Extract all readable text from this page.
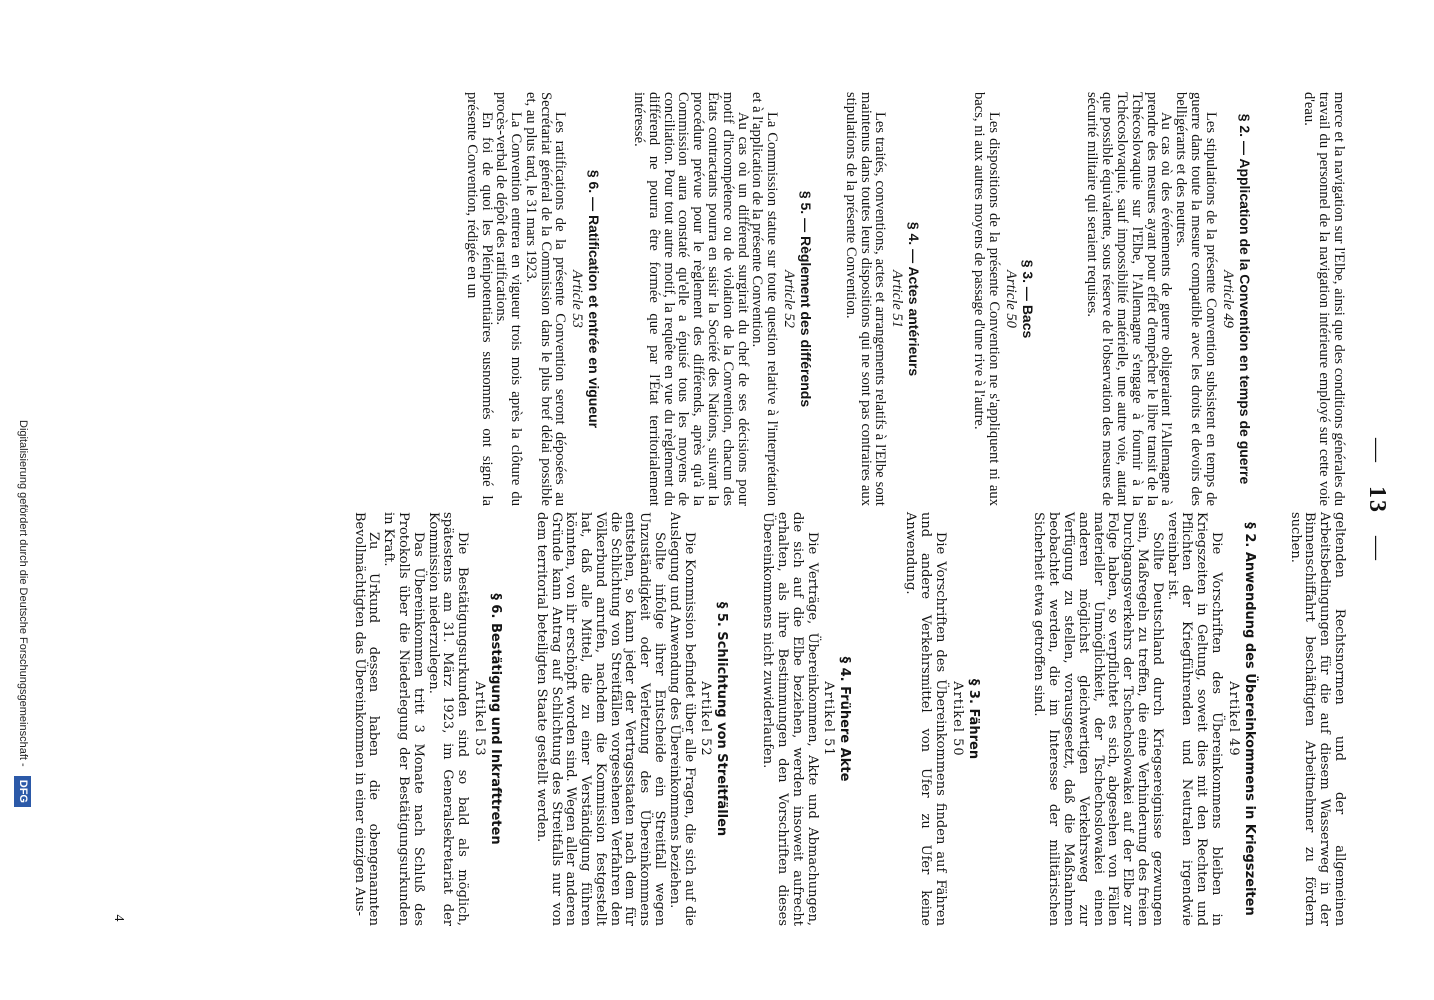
— 13 —

merce et la navigation sur l'Elbe, ainsi que des conditions générales du travail du personnel de la navigation intérieure employé sur cette voie d'eau.

§ 2. — Application de la Convention en temps de guerre
Article 49

Les stipulations de la présente Convention subsistent en temps de guerre dans toute la mesure compatible avec les droits et devoirs des belligérants et des neutres.

Au cas où des événements de guerre obligeraient l'Allemagne à prendre des mesures ayant pour effet d'empêcher le libre transit de la Tchécoslovaquie sur l'Elbe, l'Allemagne s'engage à fournir à la Tchécoslovaquie, sauf impossibilité matérielle, une autre voie, autant que possible équivalente, sous réserve de l'observation des mesures de sécurité militaire qui seraient requises.

§ 3. — Bacs
Article 50

Les dispositions de la présente Convention ne s'appliquent ni aux bacs, ni aux autres moyens de passage d'une rive à l'autre.

§ 4. — Actes antérieurs
Article 51

Les traités, conventions, actes et arrangements relatifs à l'Elbe sont maintenus dans toutes leurs dispositions qui ne sont pas contraires aux stipulations de la présente Convention.

§ 5. — Règlement des différends
Article 52

La Commission statue sur toute question relative à l'interprétation et à l'application de la présente Convention.

Au cas où un différend surgirait du chef de ses décisions pour motif d'incompétence ou de violation de la Convention, chacun des États contractants pourra en saisir la Société des Nations, suivant la procédure prévue pour le règlement des différends, après qu'à la Commission aura constaté qu'elle a épuisé tous les moyens de conciliation. Pour tout autre motif, la requête en vue du règlement du différend ne pourra être formée que par l'État territorialement intéressé.

§ 6. — Ratification et entrée en vigueur
Article 53

Les ratifications de la présente Convention seront déposées au Secrétariat général de la Commission dans le plus bref délai possible et, au plus tard, le 31 mars 1923.

La Convention entrera en vigueur trois mois après la clôture du procès-verbal de dépôt des ratifications.

En foi de quoi les Plénipotentiaires susnommés ont signé la présente Convention, rédigée en un

geltenden Rechtsnormen und der allgemeinen Arbeitsbedingungen für die auf diesem Wasserweg in der Binnenschiffahrt beschäftigten Arbeitnehmer zu fördern suchen.

§ 2. Anwendung des Übereinkommens in Kriegszeiten
Artikel 49

Die Vorschriften des Übereinkommens bleiben in Kriegszeiten in Geltung, soweit dies mit den Rechten und Pflichten der Kriegführenden und Neutralen irgendwie vereinbar ist.

Sollte Deutschland durch Kriegsereignisse gezwungen sein, Maßregeln zu treffen, die eine Verhinderung des freien Durchgangsverkehrs der Tschechoslowakei auf der Elbe zur Folge haben, so verpflichtet es sich, abgesehen von Fällen materieller Unmöglichkeit, der Tschechoslowakei einen anderen möglichst gleichwertigen Verkehrsweg zur Verfügung zu stellen, vorausgesetzt, daß die Maßnahmen beobachtet werden, die im Interesse der militärischen Sicherheit etwa getroffen sind.

§ 3. Fähren
Artikel 50

Die Vorschriften des Übereinkommens finden auf Fähren und andere Verkehrsmittel von Ufer zu Ufer keine Anwendung.

§ 4. Frühere Akte
Artikel 51

Die Verträge, Übereinkommen, Akte und Abmachungen, die sich auf die Elbe beziehen, werden insoweit aufrecht erhalten, als ihre Bestimmungen den Vorschriften dieses Übereinkommens nicht zuwiderlaufen.

§ 5. Schlichtung von Streitfällen
Artikel 52

Die Kommission befindet über alle Fragen, die sich auf die Auslegung und Anwendung des Übereinkommens beziehen.

Sollte infolge ihrer Entscheide ein Streitfall wegen Unzuständigkeit oder Verletzung des Übereinkommens entstehen, so kann jeder der Vertragsstaaten nach dem für die Schlichtung von Streitfällen vorgesehenen Verfahren den Völkerbund anrufen, nachdem die Kommission festgestellt hat, daß alle Mittel, die zu einer Verständigung führen könnten, von ihr erschöpft worden sind. Wegen aller anderen Gründe kann Antrag auf Schlichtung des Streitfalls nur von dem territorial beteiligten Staate gestellt werden.

§ 6. Bestätigung und Inkrafttreten
Artikel 53

Die Bestätigungsurkunden sind so bald als möglich, spätestens am 31. März 1923, im Generalsekretariat der Kommission niederzulegen.

Das Übereinkommen tritt 3 Monate nach Schluß des Protokolls über die Niederlegung der Bestätigungsurkunden in Kraft.

Zu Urkund dessen haben die obengenannten Bevollmächtigten das Übereinkommen in einer einzigen Aus-

4
Digitalisierung gefördert durch die Deutsche Forschungsgemeinschaft - DFG
